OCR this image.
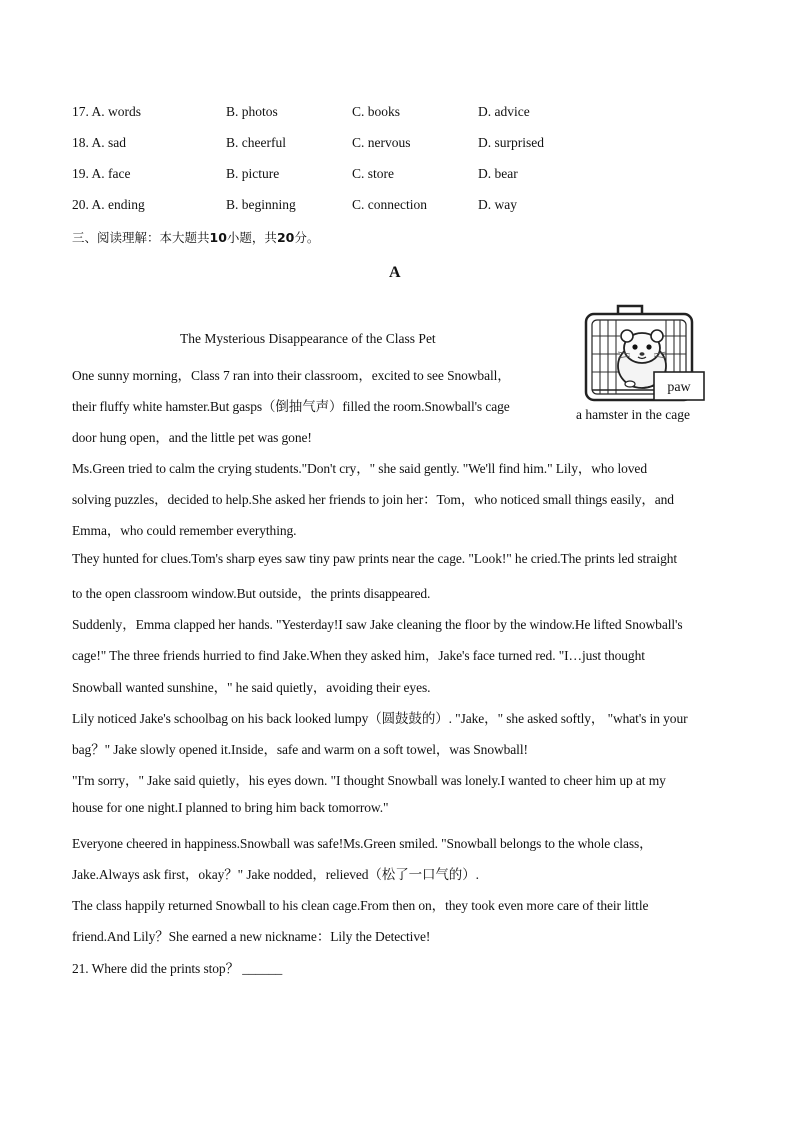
17. A. words	B. photos	C. books	D. advice
18. A. sad	B. cheerful	C. nervous	D. surprised
19. A. face	B. picture	C. store	D. bear
20. A. ending	B. beginning	C. connection	D. way
三、阅读理解：本大题共10小题，共20分。
A
The Mysterious Disappearance of the Class Pet
paw
a hamster in the cage
One sunny morning，Class 7 ran into their classroom，excited to see Snowball，
their fluffy white hamster.But gasps（倒抽气声）filled the room.Snowball's cage
door hung open，and the little pet was gone!
Ms.Green tried to calm the crying students."Don't cry，" she said gently. "We'll find him." Lily，who loved
solving puzzles，decided to help.She asked her friends to join her：Tom，who noticed small things easily，and
Emma，who could remember everything.
They hunted for clues.Tom's sharp eyes saw tiny paw prints near the cage. "Look!" he cried.The prints led straight
to the open classroom window.But outside，the prints disappeared.
Suddenly，Emma clapped her hands. "Yesterday!I saw Jake cleaning the floor by the window.He lifted Snowball's
cage!" The three friends hurried to find Jake.When they asked him，Jake's face turned red. "I…just thought
Snowball wanted sunshine，" he said quietly，avoiding their eyes.
Lily noticed Jake's schoolbag on his back looked lumpy（圆鼓鼓的）. "Jake，" she asked softly， "what's in your
bag？" Jake slowly opened it.Inside，safe and warm on a soft towel，was Snowball!
"I'm sorry，" Jake said quietly，his eyes down. "I thought Snowball was lonely.I wanted to cheer him up at my
house for one night.I planned to bring him back tomorrow."
Everyone cheered in happiness.Snowball was safe!Ms.Green smiled. "Snowball belongs to the whole class，
Jake.Always ask first，okay？" Jake nodded，relieved（松了一口气的）.
The class happily returned Snowball to his clean cage.From then on，they took even more care of their little
friend.And Lily？She earned a new nickname：Lily the Detective!
21. Where did the prints stop？ ______
